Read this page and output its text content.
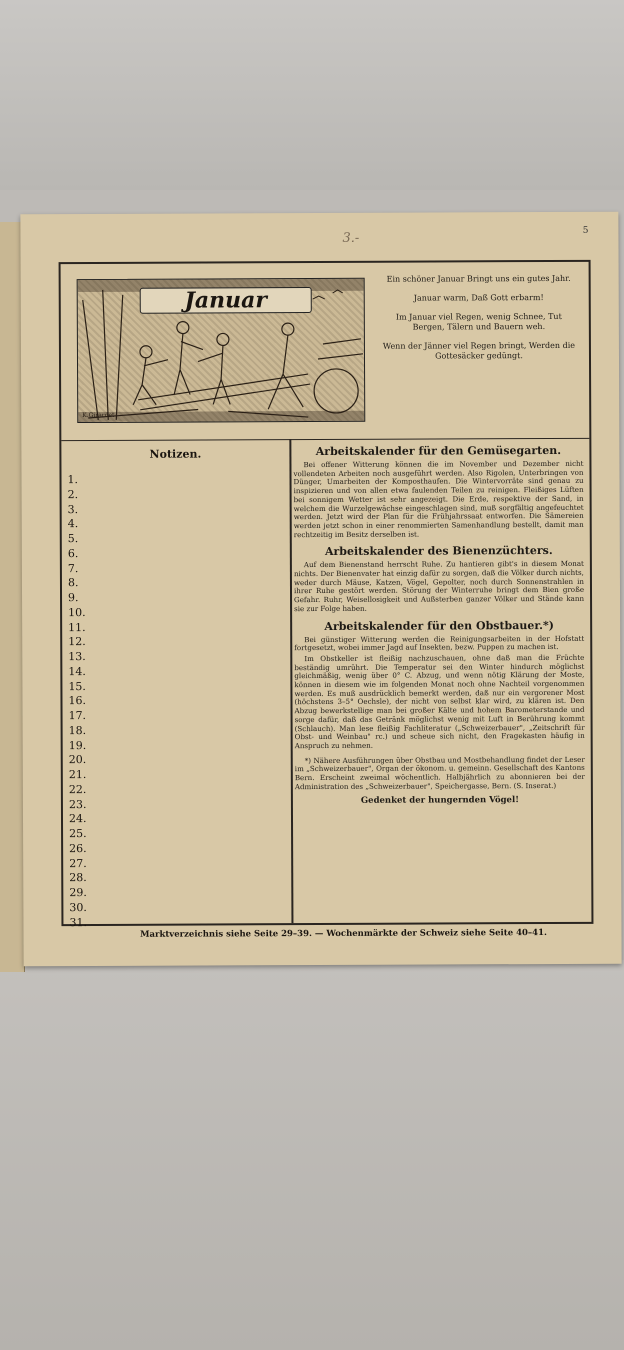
5
3.-
Januar
K.Girardet

Ein schöner Januar Bringt uns ein gutes Jahr.

Januar warm, Daß Gott erbarm!

Im Januar viel Regen, wenig Schnee, Tut Bergen, Tälern und Bauern weh.

Wenn der Jänner viel Regen bringt, Werden die Gottesäcker gedüngt.

Notizen.
1.
2.
3.
4.
5.
6.
7.
8.
9.
10.
11.
12.
13.
14.
15.
16.
17.
18.
19.
20.
21.
22.
23.
24.
25.
26.
27.
28.
29.
30.
31.
Arbeitskalender für den Gemüsegarten.

Bei offener Witterung können die im November und Dezember nicht vollendeten Arbeiten noch ausgeführt werden. Also Rigolen, Unterbringen von Dünger, Umarbeiten der Komposthaufen. Die Wintervorräte sind genau zu inspizieren und von allen etwa faulenden Teilen zu reinigen. Fleißiges Lüften bei sonnigem Wetter ist sehr angezeigt. Die Erde, respektive der Sand, in welchem die Wurzelgewächse eingeschlagen sind, muß sorgfältig angefeuchtet werden. Jetzt wird der Plan für die Frühjahrssaat entworfen. Die Sämereien werden jetzt schon in einer renommierten Samenhandlung bestellt, damit man rechtzeitig im Besitz derselben ist.

Arbeitskalender des Bienenzüchters.

Auf dem Bienenstand herrscht Ruhe. Zu hantieren gibt's in diesem Monat nichts. Der Bienenvater hat einzig dafür zu sorgen, daß die Völker durch nichts, weder durch Mäuse, Katzen, Vögel, Gepolter, noch durch Sonnenstrahlen in ihrer Ruhe gestört werden. Störung der Winterruhe bringt dem Bien große Gefahr. Ruhr, Weisellosigkeit und Außsterben ganzer Völker und Stände kann sie zur Folge haben.

Arbeitskalender für den Obstbauer.*)

Bei günstiger Witterung werden die Reinigungsarbeiten in der Hofstatt fortgesetzt, wobei immer Jagd auf Insekten, bezw. Puppen zu machen ist.

Im Obstkeller ist fleißig nachzuschauen, ohne daß man die Früchte beständig umrührt. Die Temperatur sei den Winter hindurch möglichst gleichmäßig, wenig über 0° C. Abzug, und wenn nötig Klärung der Moste, können in diesem wie im folgenden Monat noch ohne Nachteil vorgenommen werden. Es muß ausdrücklich bemerkt werden, daß nur ein vergorener Most (höchstens 3–5° Oechsle), der nicht von selbst klar wird, zu klären ist. Den Abzug bewerkstellige man bei großer Kälte und hohem Barometerstande und sorge dafür, daß das Getränk möglichst wenig mit Luft in Berührung kommt (Schlauch). Man lese fleißig Fachliteratur („Schweizerbauer", „Zeitschrift für Obst- und Weinbau" rc.) und scheue sich nicht, den Fragekasten häufig in Anspruch zu nehmen.

*) Nähere Ausführungen über Obstbau und Mostbehandlung findet der Leser im „Schweizerbauer", Organ der ökonom. u. gemeinn. Gesellschaft des Kantons Bern. Erscheint zweimal wöchentlich. Halbjährlich zu abonnieren bei der Administration des „Schweizerbauer", Speichergasse, Bern. (S. Inserat.)

Gedenket der hungernden Vögel!
Marktverzeichnis siehe Seite 29–39. — Wochenmärkte der Schweiz siehe Seite 40–41.
